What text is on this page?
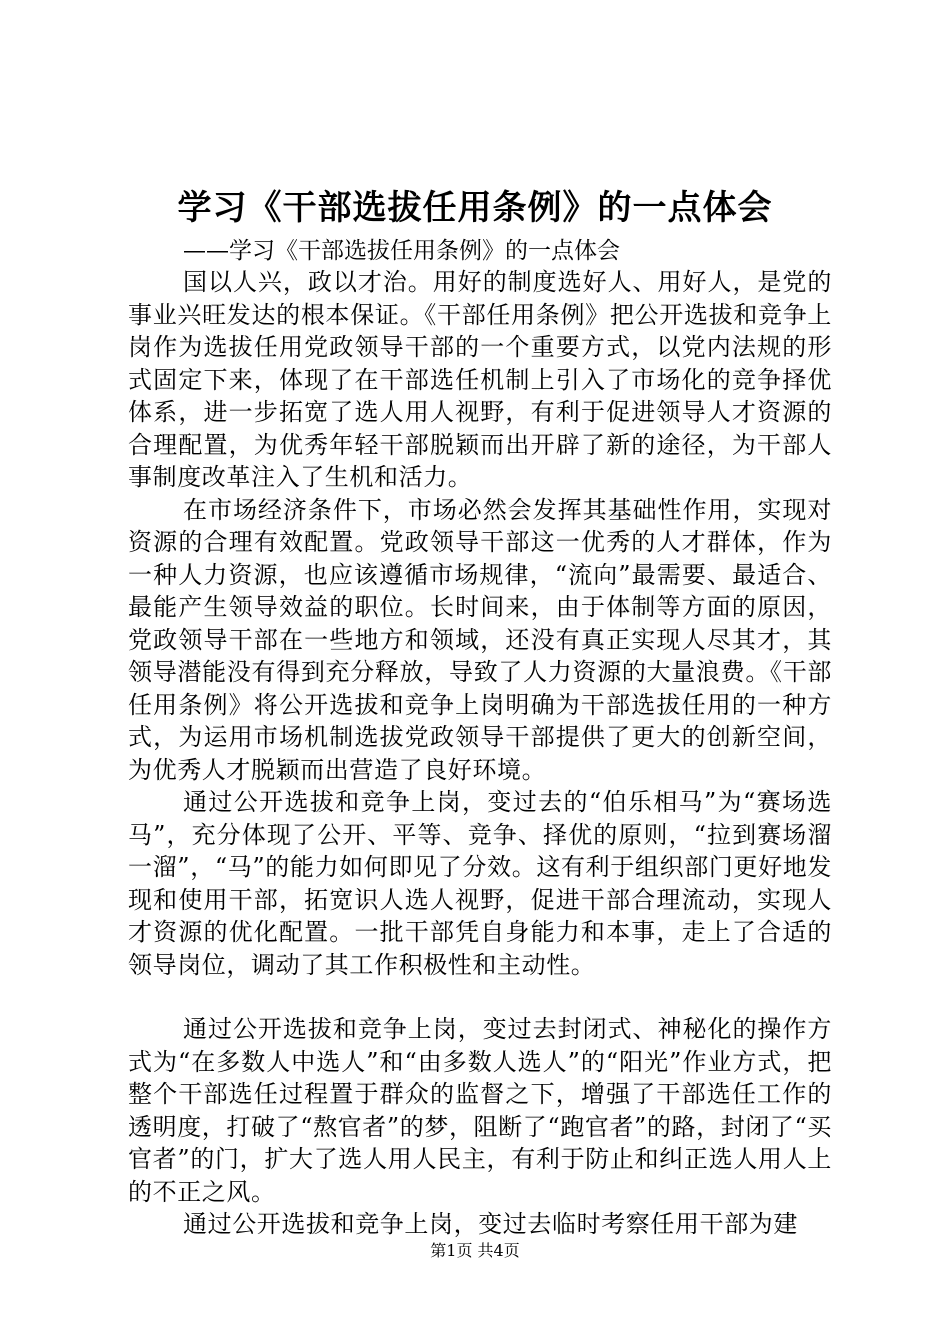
学习《干部选拔任用条例》的一点体会
——学习《干部选拔任用条例》的一点体会

国以人兴，政以才治。用好的制度选好人、用好人，是党的事业兴旺发达的根本保证。《干部任用条例》把公开选拔和竞争上岗作为选拔任用党政领导干部的一个重要方式，以党内法规的形式固定下来，体现了在干部选任机制上引入了市场化的竞争择优体系，进一步拓宽了选人用人视野，有利于促进领导人才资源的合理配置，为优秀年轻干部脱颖而出开辟了新的途径，为干部人事制度改革注入了生机和活力。

在市场经济条件下，市场必然会发挥其基础性作用，实现对资源的合理有效配置。党政领导干部这一优秀的人才群体，作为一种人力资源，也应该遵循市场规律，“流向”最需要、最适合、最能产生领导效益的职位。长时间来，由于体制等方面的原因，党政领导干部在一些地方和领域，还没有真正实现人尽其才，其领导潜能没有得到充分释放，导致了人力资源的大量浪费。《干部任用条例》将公开选拔和竞争上岗明确为干部选拔任用的一种方式，为运用市场机制选拔党政领导干部提供了更大的创新空间，为优秀人才脱颖而出营造了良好环境。

通过公开选拔和竞争上岗，变过去的“伯乐相马”为“赛场选马”，充分体现了公开、平等、竞争、择优的原则，“拉到赛场溜一溜”，“马”的能力如何即见了分效。这有利于组织部门更好地发现和使用干部，拓宽识人选人视野，促进干部合理流动，实现人才资源的优化配置。一批干部凭自身能力和本事，走上了合适的领导岗位，调动了其工作积极性和主动性。

通过公开选拔和竞争上岗，变过去封闭式、神秘化的操作方式为“在多数人中选人”和“由多数人选人”的“阳光”作业方式，把整个干部选任过程置于群众的监督之下，增强了干部选任工作的透明度，打破了“熬官者”的梦，阻断了“跑官者”的路，封闭了“买官者”的门，扩大了选人用人民主，有利于防止和纠正选人用人上的不正之风。

通过公开选拔和竞争上岗，变过去临时考察任用干部为建

第1页 共4页
